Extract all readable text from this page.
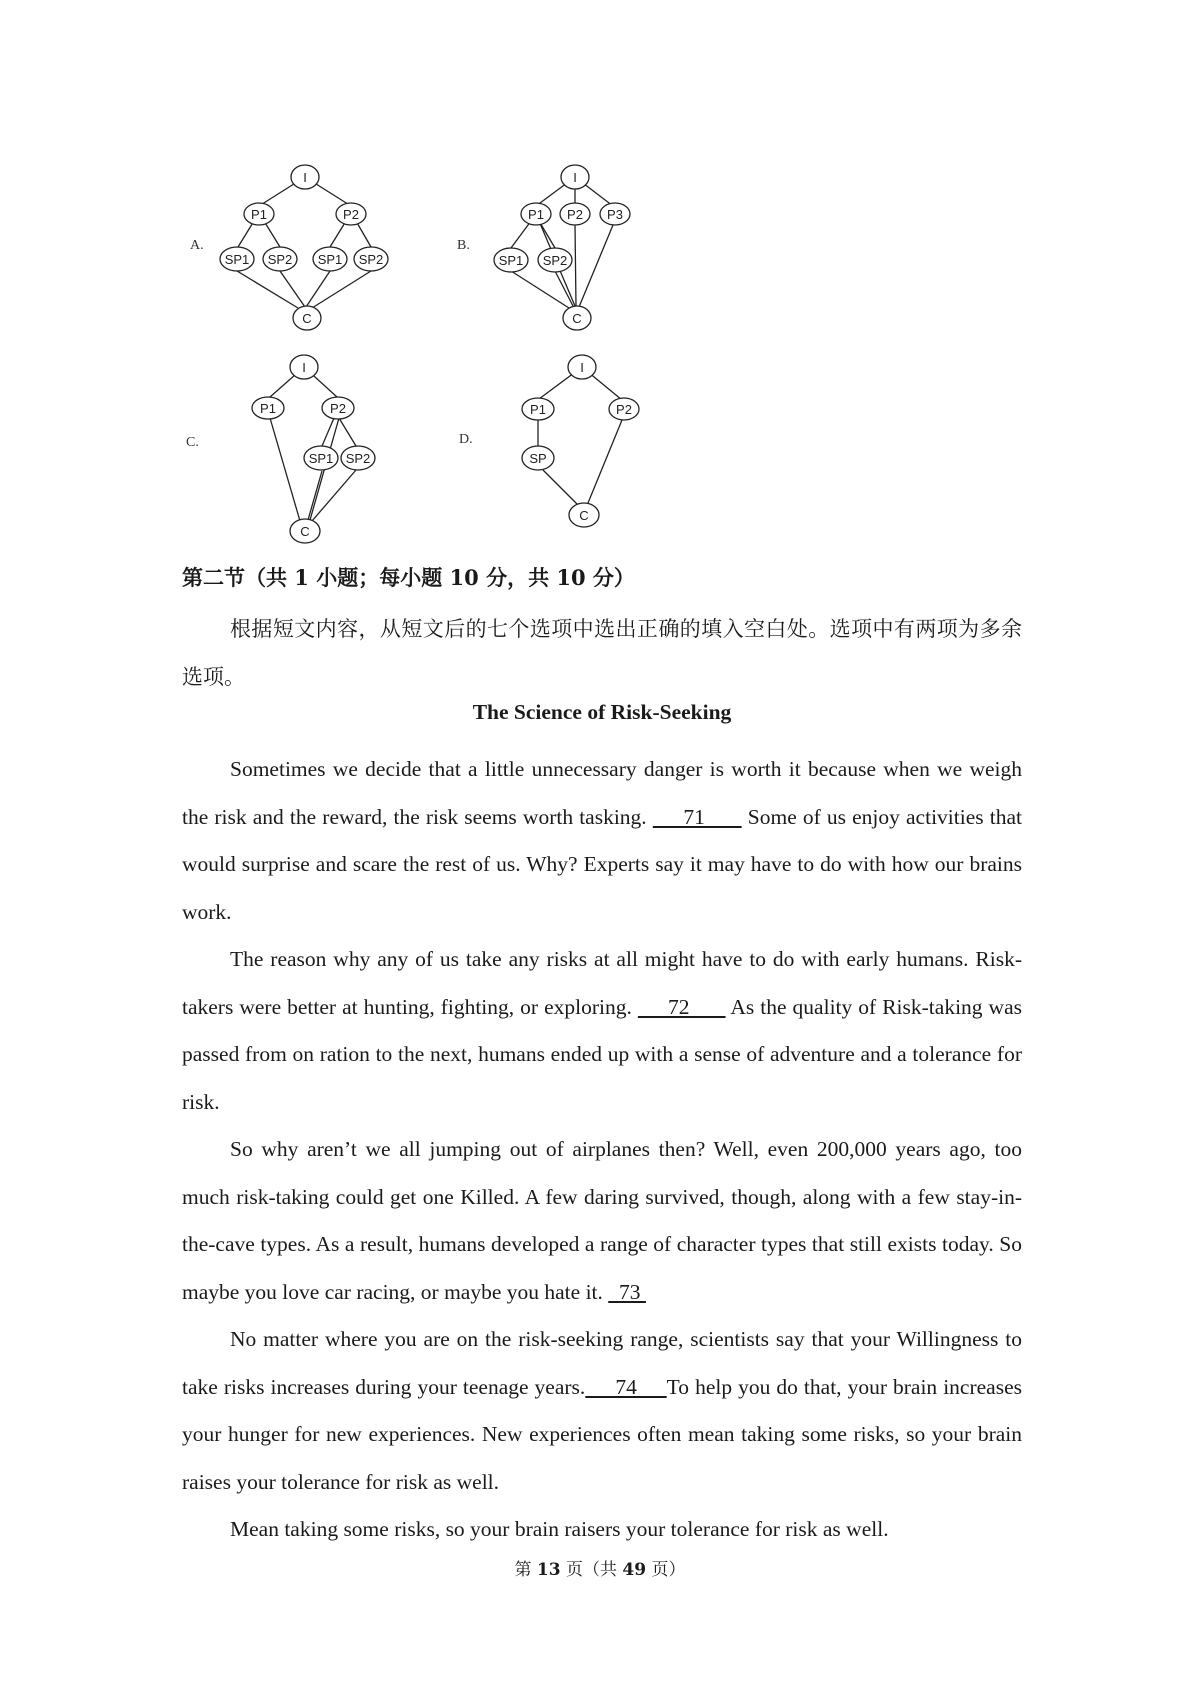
A.
I
P1	P2
SP1 SP2 SP1 SP2
C
B.
I
P1 P2 P3
SP1 SP2
C
C.
I
P1	P2
SP1 SP2
C
D.
I
P1	P2
SP
C
第二节（共 1 小题；每小题 10 分，共 10 分）
根据短文内容，从短文后的七个选项中选出正确的填入空白处。选项中有两项为多余选项。
The Science of Risk-Seeking
Sometimes we decide that a little unnecessary danger is worth it because when we weigh the risk and the reward, the risk seems worth tasking.      71       Some of us enjoy activities that would surprise and scare the rest of us. Why? Experts say it may have to do with how our brains work.
The reason why any of us take any risks at all might have to do with early humans. Risk-takers were better at hunting, fighting, or exploring.      72       As the quality of Risk-taking was passed from on ration to the next, humans ended up with a sense of adventure and a tolerance for risk.
So why aren’t we all jumping out of airplanes then? Well, even 200,000 years ago, too much risk-taking could get one Killed. A few daring survived, though, along with a few stay-in-the-cave types. As a result, humans developed a range of character types that still exists today. So maybe you love car racing, or maybe you hate it.   73
No matter where you are on the risk-seeking range, scientists say that your Willingness to take risks increases during your teenage years.     74     To help you do that, your brain increases your hunger for new experiences. New experiences often mean taking some risks, so your brain raises your tolerance for risk as well.
Mean taking some risks, so your brain raisers your tolerance for risk as well.
第 13 页（共 49 页）
